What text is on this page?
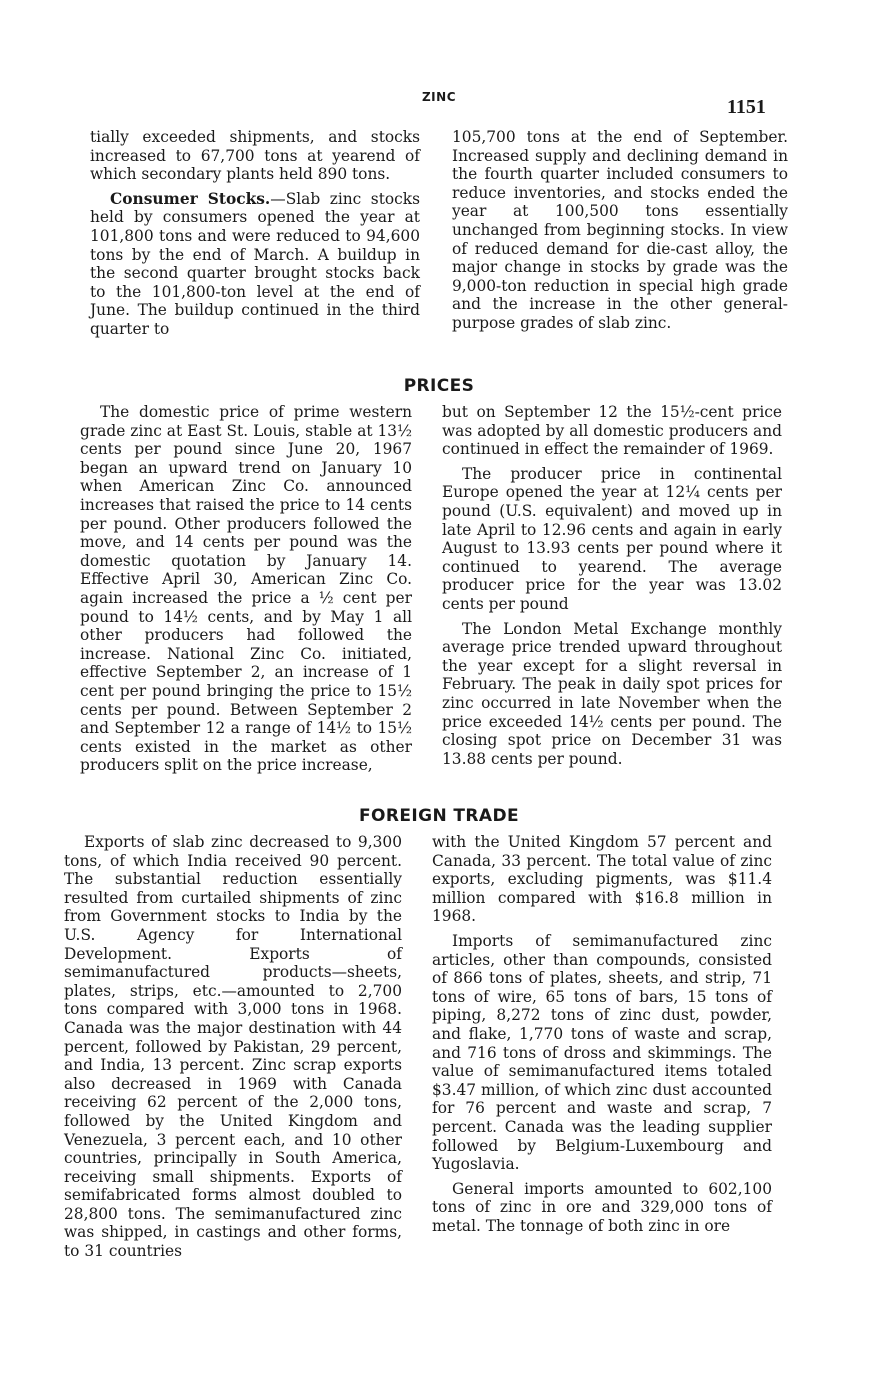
ZINC	1151

tially exceeded shipments, and stocks increased to 67,700 tons at yearend of which secondary plants held 890 tons.

Consumer Stocks.—Slab zinc stocks held by consumers opened the year at 101,800 tons and were reduced to 94,600 tons by the end of March. A buildup in the second quarter brought stocks back to the 101,800-ton level at the end of June. The buildup continued in the third quarter to

105,700 tons at the end of September. Increased supply and declining demand in the fourth quarter included consumers to reduce inventories, and stocks ended the year at 100,500 tons essentially unchanged from beginning stocks. In view of reduced demand for die-cast alloy, the major change in stocks by grade was the 9,000-ton reduction in special high grade and the increase in the other general-purpose grades of slab zinc.

PRICES

The domestic price of prime western grade zinc at East St. Louis, stable at 13½ cents per pound since June 20, 1967 began an upward trend on January 10 when American Zinc Co. announced increases that raised the price to 14 cents per pound. Other producers followed the move, and 14 cents per pound was the domestic quotation by January 14. Effective April 30, American Zinc Co. again increased the price a ½ cent per pound to 14½ cents, and by May 1 all other producers had followed the increase. National Zinc Co. initiated, effective September 2, an increase of 1 cent per pound bringing the price to 15½ cents per pound. Between September 2 and September 12 a range of 14½ to 15½ cents existed in the market as other producers split on the price increase,

but on September 12 the 15½-cent price was adopted by all domestic producers and continued in effect the remainder of 1969.

The producer price in continental Europe opened the year at 12¼ cents per pound (U.S. equivalent) and moved up in late April to 12.96 cents and again in early August to 13.93 cents per pound where it continued to yearend. The average producer price for the year was 13.02 cents per pound

The London Metal Exchange monthly average price trended upward throughout the year except for a slight reversal in February. The peak in daily spot prices for zinc occurred in late November when the price exceeded 14½ cents per pound. The closing spot price on December 31 was 13.88 cents per pound.

FOREIGN TRADE

Exports of slab zinc decreased to 9,300 tons, of which India received 90 percent. The substantial reduction essentially resulted from curtailed shipments of zinc from Government stocks to India by the U.S. Agency for International Development. Exports of semimanufactured products—sheets, plates, strips, etc.—amounted to 2,700 tons compared with 3,000 tons in 1968. Canada was the major destination with 44 percent, followed by Pakistan, 29 percent, and India, 13 percent. Zinc scrap exports also decreased in 1969 with Canada receiving 62 percent of the 2,000 tons, followed by the United Kingdom and Venezuela, 3 percent each, and 10 other countries, principally in South America, receiving small shipments. Exports of semifabricated forms almost doubled to 28,800 tons. The semimanufactured zinc was shipped, in castings and other forms, to 31 countries

with the United Kingdom 57 percent and Canada, 33 percent. The total value of zinc exports, excluding pigments, was $11.4 million compared with $16.8 million in 1968.

Imports of semimanufactured zinc articles, other than compounds, consisted of 866 tons of plates, sheets, and strip, 71 tons of wire, 65 tons of bars, 15 tons of piping, 8,272 tons of zinc dust, powder, and flake, 1,770 tons of waste and scrap, and 716 tons of dross and skimmings. The value of semimanufactured items totaled $3.47 million, of which zinc dust accounted for 76 percent and waste and scrap, 7 percent. Canada was the leading supplier followed by Belgium-Luxembourg and Yugoslavia.

General imports amounted to 602,100 tons of zinc in ore and 329,000 tons of metal. The tonnage of both zinc in ore
